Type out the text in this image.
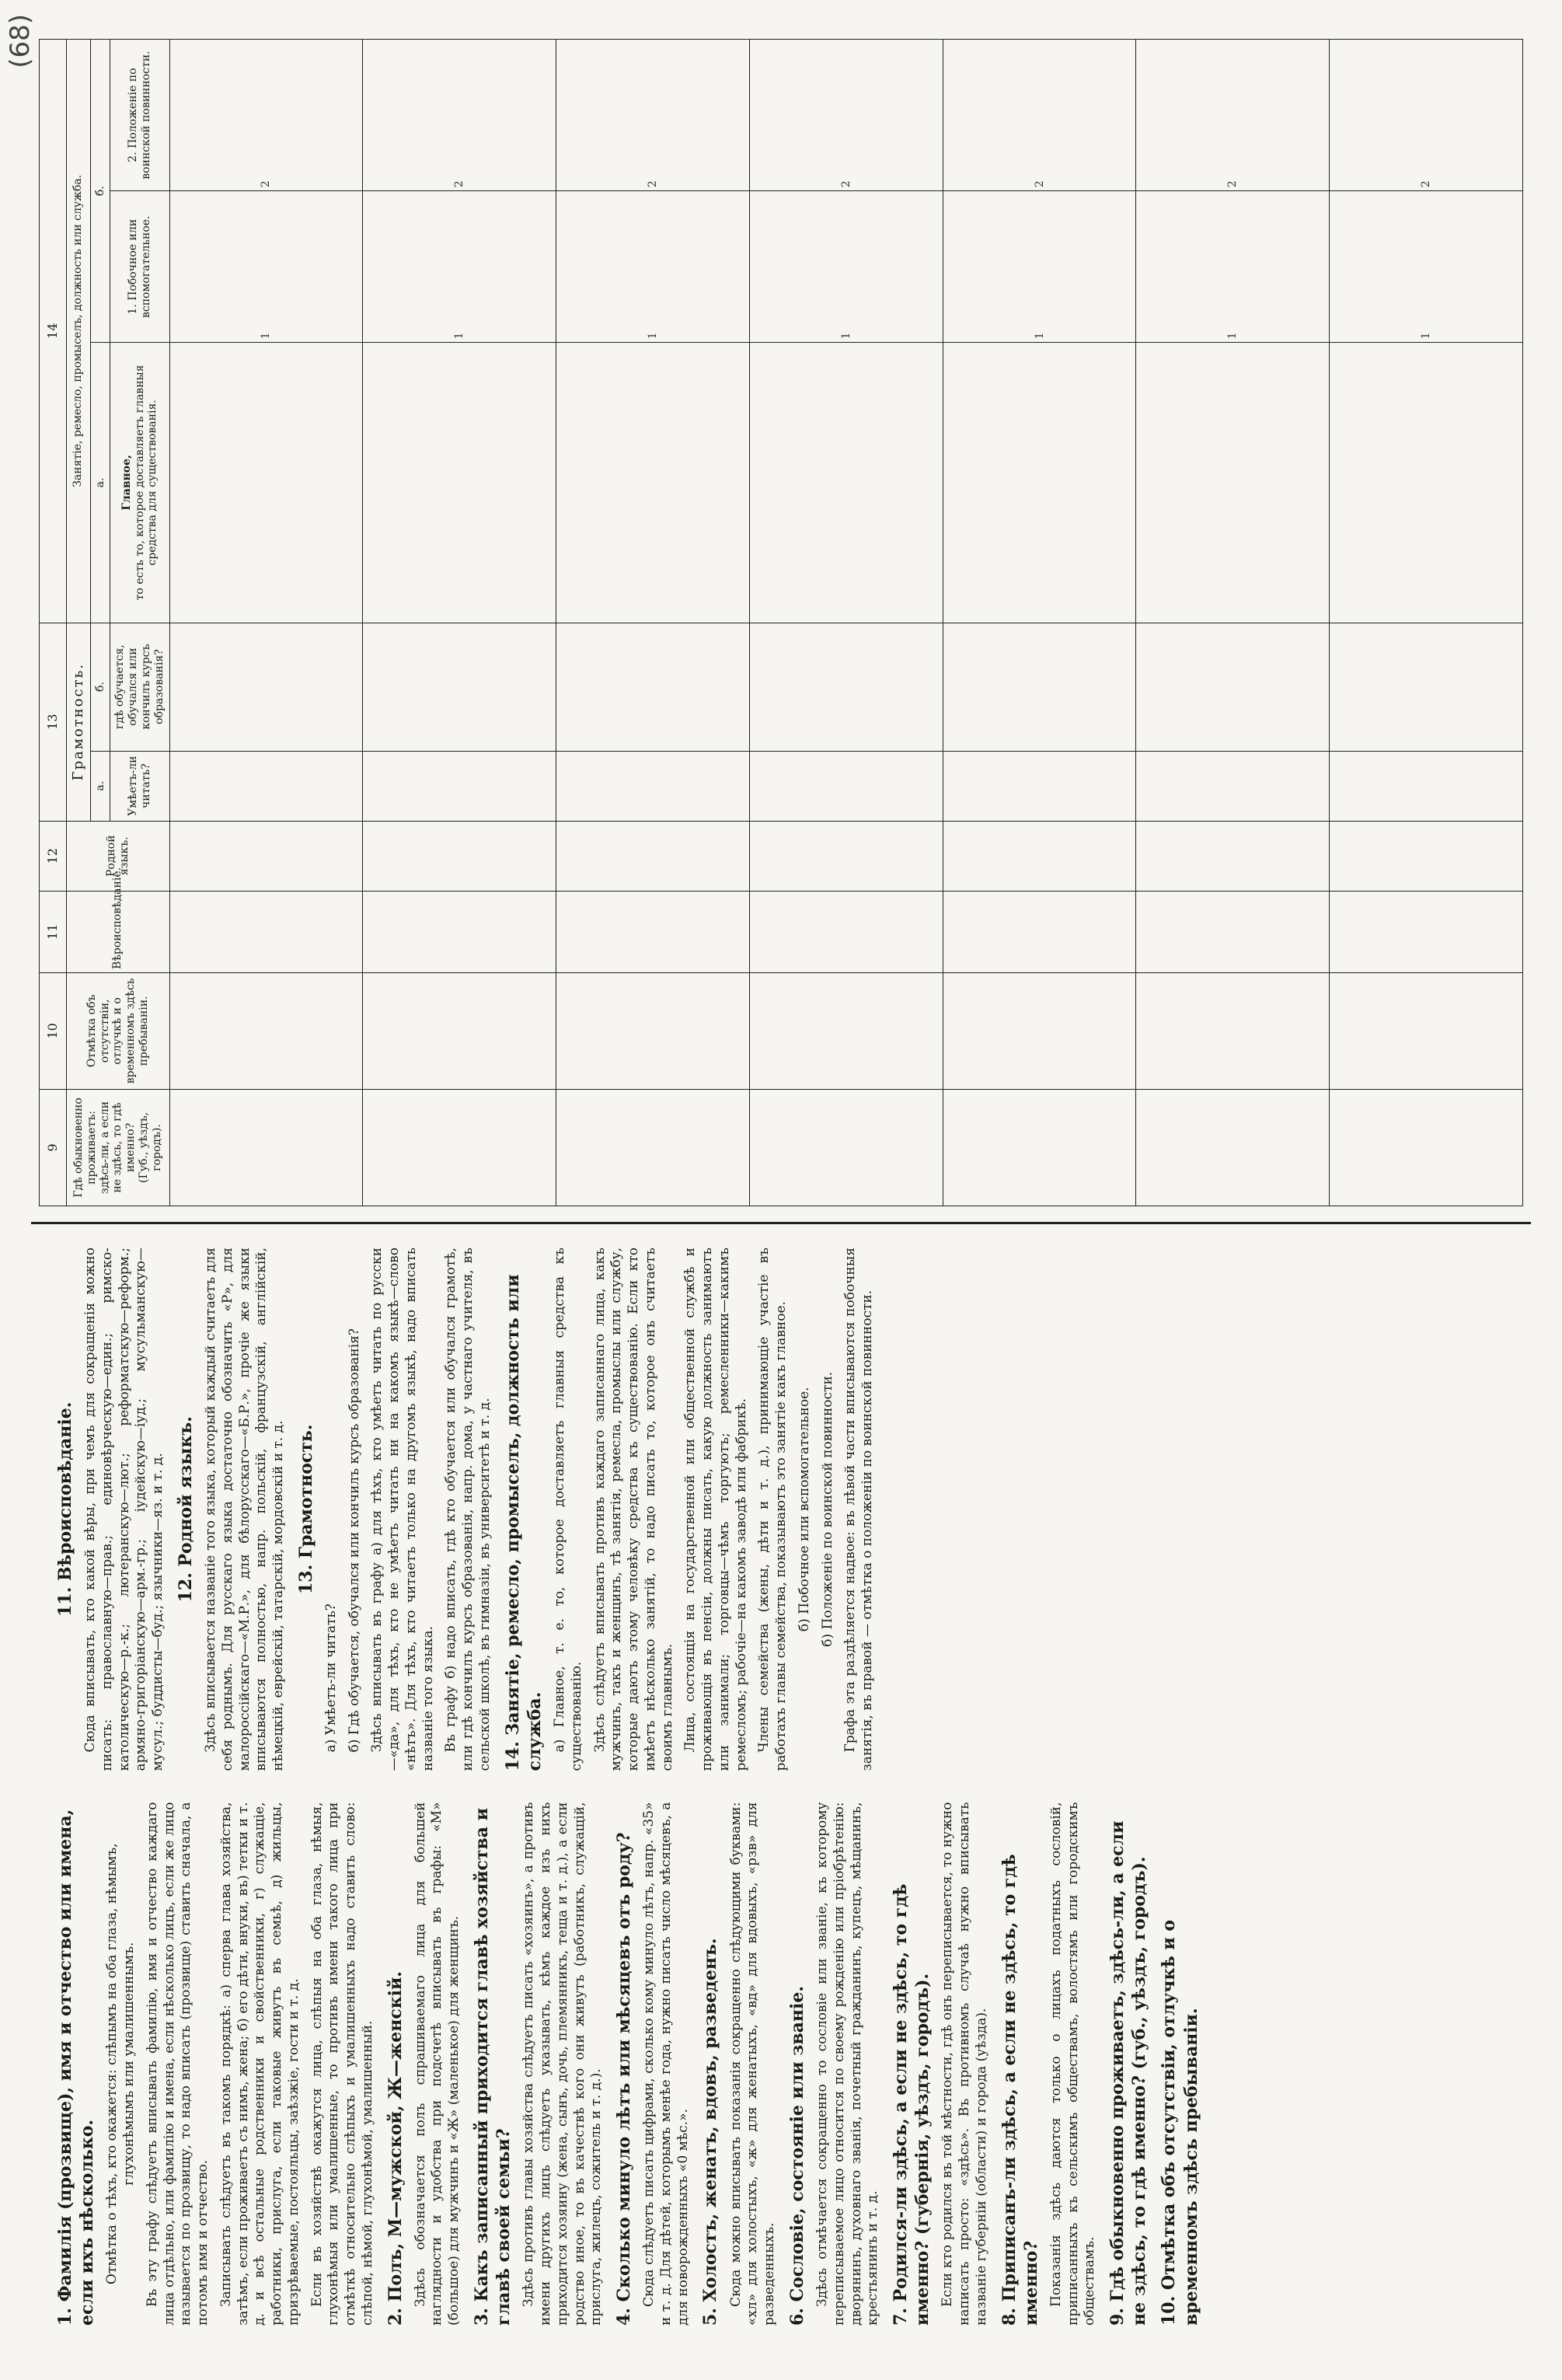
(68)
1. Фамилія (прозвище), имя и отчество или имена, если ихъ нѣсколько. Отмѣтка о тѣхъ, кто окажется: слѣпымъ на оба глаза, нѣмымъ, глухонѣмымъ или умалишеннымъ. Въ эту графу слѣдуетъ вписывать фамилію, имя и отчество каждаго лица отдѣльно, или фамилію и имена, если нѣсколько лицъ, если же лицо называется по прозвищу, то надо вписать (прозвище) ставить сначала, а потомъ имя и отчество. Записывать слѣдуетъ въ такомъ порядкѣ: а) сперва глава хозяйства, затѣмъ, если проживаетъ съ нимъ, жена; б) его дѣти, внуки, въ) тетки и т. д. и всѣ остальные родственники и свойственники, г) служащіе, работники, прислуга, если таковые живутъ въ семьѣ, д) жильцы, призрѣваемые, постояльцы, заѣзжіе, гости и т. д. Если въ хозяйствѣ окажутся лица, слѣпыя на оба глаза, нѣмыя, глухонѣмыя или умалишенные, то противъ имени такого лица при отмѣткѣ относительно слѣпыхъ и умалишенныхъ надо ставить слово: слѣпой, нѣмой, глухонѣмой, умалишенный. 2. Полъ, М—мужской, Ж—женскій. Здѣсь обозначается полъ спрашиваемаго лица для большей наглядности и удобства при подсчетѣ вписывать въ графы: «М» (большое) для мужчинъ и «Ж» (маленькое) для женщинъ. 3. Какъ записанный приходится главѣ хозяйства и главѣ своей семьи? Здѣсь противъ главы хозяйства слѣдуетъ писать «хозяинъ», а противъ имени другихъ лицъ слѣдуетъ указывать, кѣмъ каждое изъ нихъ приходится хозяину (жена, сынъ, дочь, племянникъ, теща и т. д.), а если родство иное, то въ качествѣ кого они живутъ (работникъ, служащій, прислуга, жилецъ, сожитель и т. д.). 4. Сколько минуло лѣтъ или мѣсяцевъ отъ роду? Сюда слѣдуетъ писать цифрами, сколько кому минуло лѣтъ, напр. «35» и т. д. Для дѣтей, которымъ менѣе года, нужно писать число мѣсяцевъ, а для новорожденныхъ «0 мѣс.». 5. Холостъ, женатъ, вдовъ, разведенъ. Сюда можно вписывать показанія сокращенно слѣдующими буквами: «хл» для холостыхъ, «ж» для женатыхъ, «вд» для вдовыхъ, «рзв» для разведенныхъ. 6. Сословіе, состояніе или званіе. Здѣсь отмѣчается сокращенно то сословіе или званіе, къ которому переписываемое лицо относится по своему рожденію или пріобрѣтенію: дворянинъ, духовнаго званія, почетный гражданинъ, купецъ, мѣщанинъ, крестьянинъ и т. д. 7. Родился-ли здѣсь, а если не здѣсь, то гдѣ именно? (губернія, уѣздъ, городъ). Если кто родился въ той мѣстности, гдѣ онъ переписывается, то нужно написать просто: «здѣсь». Въ противномъ случаѣ нужно вписывать названіе губерніи (области) и города (уѣзда). 8. Приписанъ-ли здѣсь, а если не здѣсь, то гдѣ именно? Показанія здѣсь даются только о лицахъ податныхъ сословій, приписанныхъ къ сельскимъ обществамъ, волостямъ или городскимъ обществамъ. 9. Гдѣ обыкновенно проживаетъ, здѣсь-ли, а если не здѣсь, то гдѣ именно? (губ., уѣздъ, городъ). 10. Отмѣтка объ отсутствіи, отлучкѣ и о временномъ здѣсь пребываніи.
11. Вѣроисповѣданіе. Сюда вписывать, кто какой вѣры, при чемъ для сокращенія можно писать: православную—прав.; единовѣрческую—един.; римско-католическую—р.-к.; лютеранскую—лют.; реформатскую—реформ.; армяно-григоріанскую—арм.-гр.; іудейскую—іуд.; мусульманскую—мусул.; буддисты—буд.; язычники—яз. и т. д. 12. Родной языкъ. Здѣсь вписывается названіе того языка, который каждый считаетъ для себя роднымъ. Для русскаго языка достаточно обозначить «Р», для малороссійскаго—«М.Р.», для бѣлорусскаго—«Б.Р.», прочіе же языки вписываются полностью, напр. польскій, французскій, англійскій, нѣмецкій, еврейскій, татарскій, мордовскій и т. д. 13. Грамотность.

а) Умѣетъ-ли читать? б) Гдѣ обучается, обучался или кончилъ курсъ образованія? Здѣсь вписывать въ графу а) для тѣхъ, кто умѣетъ читать по русски—«да», для тѣхъ, кто не умѣетъ читать ни на какомъ языкѣ—слово «нѣтъ». Для тѣхъ, кто читаетъ только на другомъ языкѣ, надо вписать названіе того языка. Въ графу б) надо вписать, гдѣ кто обучается или обучался грамотѣ, или гдѣ кончилъ курсъ образованія, напр. дома, у частнаго учителя, въ сельской школѣ, въ гимназіи, въ университетѣ и т. д. 14. Занятіе, ремесло, промыселъ, должность или служба. а) Главное, т. е. то, которое доставляетъ главныя средства къ существованію. Здѣсь слѣдуетъ вписывать противъ каждаго записаннаго лица, какъ мужчинъ, такъ и женщинъ, тѣ занятія, ремесла, промыслы или службу, которые даютъ этому человѣку средства къ существованію. Если кто имѣетъ нѣсколько занятій, то надо писать то, которое онъ считаетъ своимъ главнымъ. Лица, состоящія на государственной или общественной службѣ и проживающія въ пенсіи, должны писать, какую должность занимаютъ или занимали; торговцы—чѣмъ торгуютъ; ремесленники—какимъ ремесломъ; рабочіе—на какомъ заводѣ или фабрикѣ. Члены семейства (жены, дѣти и т. д.), принимающіе участіе въ работахъ главы семейства, показываютъ это занятіе какъ главное. б) Побочное или вспомогательное. б) Положеніе по воинской повинности. Графа эта раздѣляется надвое: въ лѣвой части вписываются побочныя занятія, въ правой — отмѣтка о положеніи по воинской повинности.

9	10	11	12	13		14		
Гдѣ обыкновенно проживаетъ: здѣсь-ли, а если не здѣсь, то гдѣ именно?
(Губ., уѣздъ, городъ).	Отмѣтка объ отсутствіи, отлучкѣ и о временномъ здѣсь пребываніи.	Вѣроисповѣданіе.	Родной языкъ.	Грамотность.		Занятіе, ремесло, промыселъ, должность или служба.		
				а.	б.	а.	б.	
				Умѣетъ-ли читать?	гдѣ обучается, обучался или кончилъ курсъ образованія?	Главное,
то есть то, которое доставляетъ главныя средства для существованія.	1. Побочное или вспомогательное.	2. Положеніе по воинской повинности.
							1	2
							1	2
							1	2
							1	2
							1	2
							1	2
							1	2
